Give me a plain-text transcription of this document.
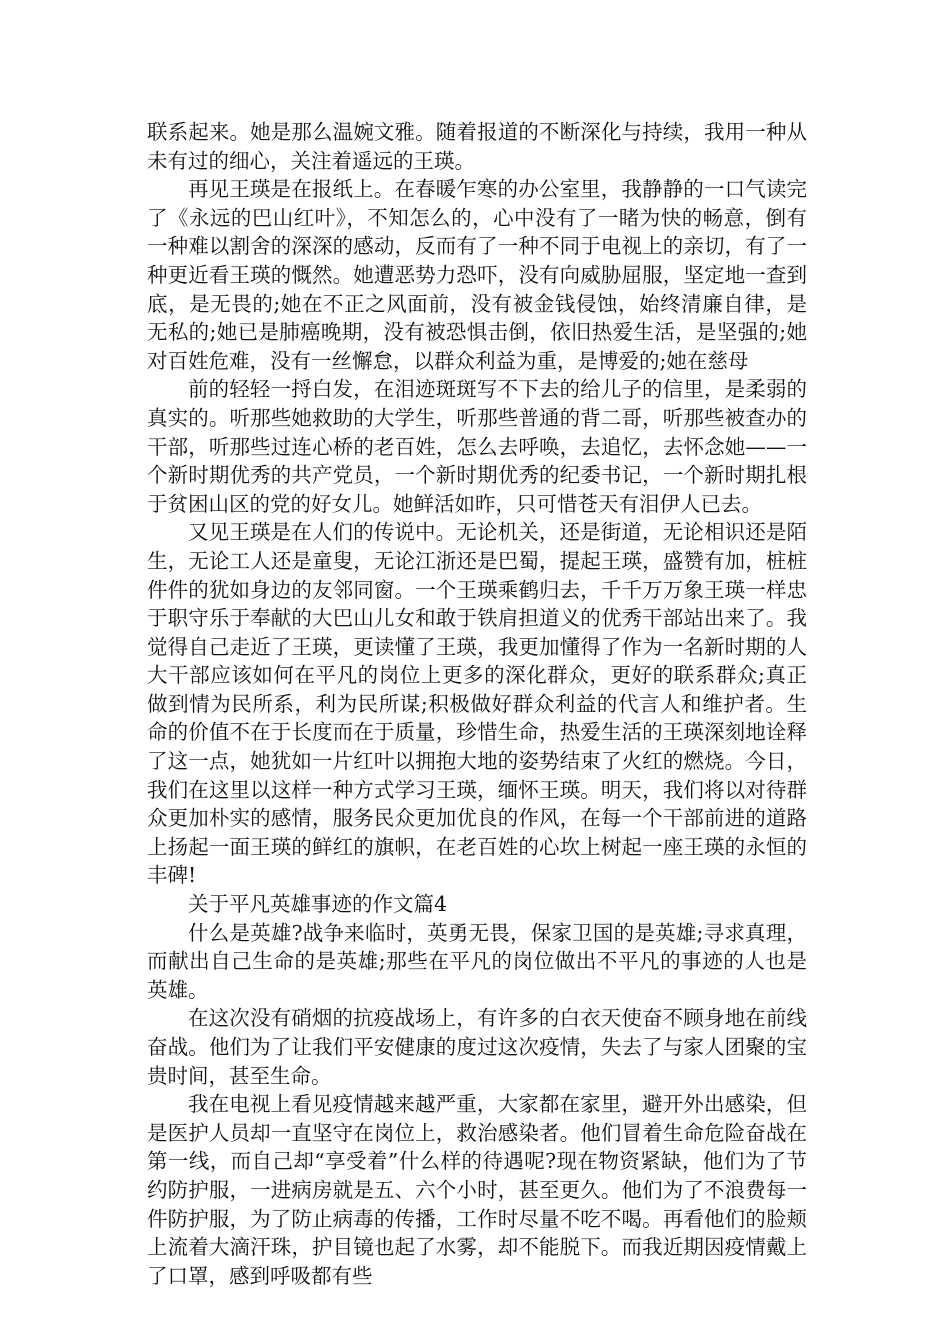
联系起来。她是那么温婉文雅。随着报道的不断深化与持续，我用一种从未有过的细心，关注着遥远的王瑛。

再见王瑛是在报纸上。在春暖乍寒的办公室里，我静静的一口气读完了《永远的巴山红叶》，不知怎么的，心中没有了一睹为快的畅意，倒有一种难以割舍的深深的感动，反而有了一种不同于电视上的亲切，有了一种更近看王瑛的慨然。她遭恶势力恐吓，没有向威胁屈服，坚定地一查到底，是无畏的;她在不正之风面前，没有被金钱侵蚀，始终清廉自律，是无私的;她已是肺癌晚期，没有被恐惧击倒，依旧热爱生活，是坚强的;她对百姓危难，没有一丝懈怠，以群众利益为重，是博爱的;她在慈母

前的轻轻一捋白发，在泪迹斑斑写不下去的给儿子的信里，是柔弱的真实的。听那些她救助的大学生，听那些普通的背二哥，听那些被查办的干部，听那些过连心桥的老百姓，怎么去呼唤，去追忆，去怀念她——一个新时期优秀的共产党员，一个新时期优秀的纪委书记，一个新时期扎根于贫困山区的党的好女儿。她鲜活如昨，只可惜苍天有泪伊人已去。

又见王瑛是在人们的传说中。无论机关，还是街道，无论相识还是陌生，无论工人还是童叟，无论江浙还是巴蜀，提起王瑛，盛赞有加，桩桩件件的犹如身边的友邻同窗。一个王瑛乘鹤归去，千千万万象王瑛一样忠于职守乐于奉献的大巴山儿女和敢于铁肩担道义的优秀干部站出来了。我觉得自己走近了王瑛，更读懂了王瑛，我更加懂得了作为一名新时期的人大干部应该如何在平凡的岗位上更多的深化群众，更好的联系群众;真正做到情为民所系，利为民所谋;积极做好群众利益的代言人和维护者。生命的价值不在于长度而在于质量，珍惜生命，热爱生活的王瑛深刻地诠释了这一点，她犹如一片红叶以拥抱大地的姿势结束了火红的燃烧。今日，我们在这里以这样一种方式学习王瑛，缅怀王瑛。明天，我们将以对待群众更加朴实的感情，服务民众更加优良的作风，在每一个干部前进的道路上扬起一面王瑛的鲜红的旗帜，在老百姓的心坎上树起一座王瑛的永恒的丰碑!

关于平凡英雄事迹的作文篇4

什么是英雄?战争来临时，英勇无畏，保家卫国的是英雄;寻求真理，而献出自己生命的是英雄;那些在平凡的岗位做出不平凡的事迹的人也是英雄。

在这次没有硝烟的抗疫战场上，有许多的白衣天使奋不顾身地在前线奋战。他们为了让我们平安健康的度过这次疫情，失去了与家人团聚的宝贵时间，甚至生命。

我在电视上看见疫情越来越严重，大家都在家里，避开外出感染，但是医护人员却一直坚守在岗位上，救治感染者。他们冒着生命危险奋战在第一线，而自己却“享受着”什么样的待遇呢?现在物资紧缺，他们为了节约防护服，一进病房就是五、六个小时，甚至更久。他们为了不浪费每一件防护服，为了防止病毒的传播，工作时尽量不吃不喝。再看他们的脸颊上流着大滴汗珠，护目镜也起了水雾，却不能脱下。而我近期因疫情戴上了口罩，感到呼吸都有些
